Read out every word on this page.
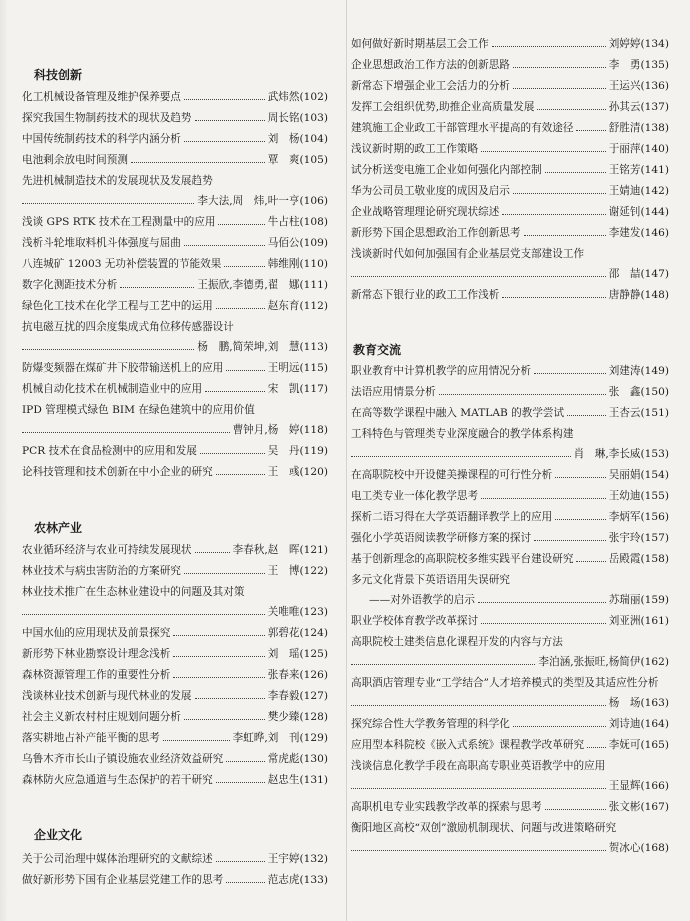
科技创新
化工机械设备管理及维护保养要点	武炜然(102)
探究我国生物制药技术的现状及趋势	周长铭(103)
中国传统制药技术的科学内涵分析	刘　杨(104)
电池剩余放电时间预测	覃　爽(105)
先进机械制造技术的发展现状及发展趋势
李大法,周　炜,叶一亨(106)
浅谈 GPS RTK 技术在工程测量中的应用	牛占柱(108)
浅析斗轮堆取料机斗体强度与屈曲	马佰公(109)
八连城矿 12003 无功补偿装置的节能效果	韩维刚(110)
数字化测距技术分析	王振欣,李德勇,翟　娜(111)
绿色化工技术在化学工程与工艺中的运用	赵东育(112)
抗电磁互扰的四余度集成式角位移传感器设计
杨　鹏,简荣坤,刘　慧(113)
防爆变频器在煤矿井下胶带输送机上的应用	王明远(115)
机械自动化技术在机械制造业中的应用	宋　凯(117)
IPD 管理模式绿色 BIM 在绿色建筑中的应用价值
曹钟月,杨　婷(118)
PCR 技术在食品检测中的应用和发展	吴　丹(119)
论科技管理和技术创新在中小企业的研究	王　彧(120)
农林产业
农业循环经济与农业可持续发展现状	李春秋,赵　晖(121)
林业技术与病虫害防治的方案研究	王　博(122)
林业技术推广在生态林业建设中的问题及其对策
关唯唯(123)
中国水仙的应用现状及前景探究	郭碧花(124)
新形势下林业勘察设计理念浅析	刘　瑶(125)
森林资源管理工作的重要性分析	张春来(126)
浅谈林业技术创新与现代林业的发展	李春毅(127)
社会主义新农村村庄规划问题分析	樊少臻(128)
落实耕地占补产能平衡的思考	李虹晔,刘　刊(129)
乌鲁木齐市长山子镇设施农业经济效益研究	常虎彪(130)
森林防火应急通道与生态保护的若干研究	赵忠生(131)
企业文化
关于公司治理中媒体治理研究的文献综述	王宇婷(132)
做好新形势下国有企业基层党建工作的思考	范志虎(133)
如何做好新时期基层工会工作	刘婷婷(134)
企业思想政治工作方法的创新思路	李　勇(135)
新常态下增强企业工会活力的分析	王运兴(136)
发挥工会组织优势,助推企业高质量发展	孙其云(137)
建筑施工企业政工干部管理水平提高的有效途径	舒胜清(138)
浅议新时期的政工工作策略	于丽萍(140)
试分析送变电施工企业如何强化内部控制	王铭芳(141)
华为公司员工敬业度的成因及启示	王婧迪(142)
企业战略管理理论研究现状综述	谢延钊(144)
新形势下国企思想政治工作创新思考	李建发(146)
浅谈新时代如何加强国有企业基层党支部建设工作
邵　喆(147)
新常态下银行业的政工工作浅析	唐静静(148)
教育交流
职业教育中计算机教学的应用情况分析	刘建涛(149)
法语应用情景分析	张　鑫(150)
在高等数学课程中融入 MATLAB 的教学尝试	王杏云(151)
工科特色与管理类专业深度融合的教学体系构建
肖　琳,李长威(153)
在高职院校中开设健美操课程的可行性分析	吴丽娟(154)
电工类专业一体化教学思考	王幼迪(155)
探析二语习得在大学英语翻译教学上的应用	李炳军(156)
强化小学英语阅读教学研修方案的探讨	张宇玲(157)
基于创新理念的高职院校多维实践平台建设研究	岳殿霞(158)
多元文化背景下英语语用失误研究
——对外语教学的启示	苏瑞丽(159)
职业学校体育教学改革探讨	刘亚洲(161)
高职院校土建类信息化课程开发的内容与方法
李泊涵,张振旺,杨简伊(162)
高职酒店管理专业“工学结合”人才培养模式的类型及其适应性分析
杨　场(163)
探究综合性大学教务管理的科学化	刘诗迪(164)
应用型本科院校《嵌入式系统》课程教学改革研究 李妩可(165)
浅谈信息化教学手段在高职高专职业英语教学中的应用
王显辉(166)
高职机电专业实践教学改革的探索与思考	张文彬(167)
衡阳地区高校“双创”激励机制现状、问题与改进策略研究
贺冰心(168)
